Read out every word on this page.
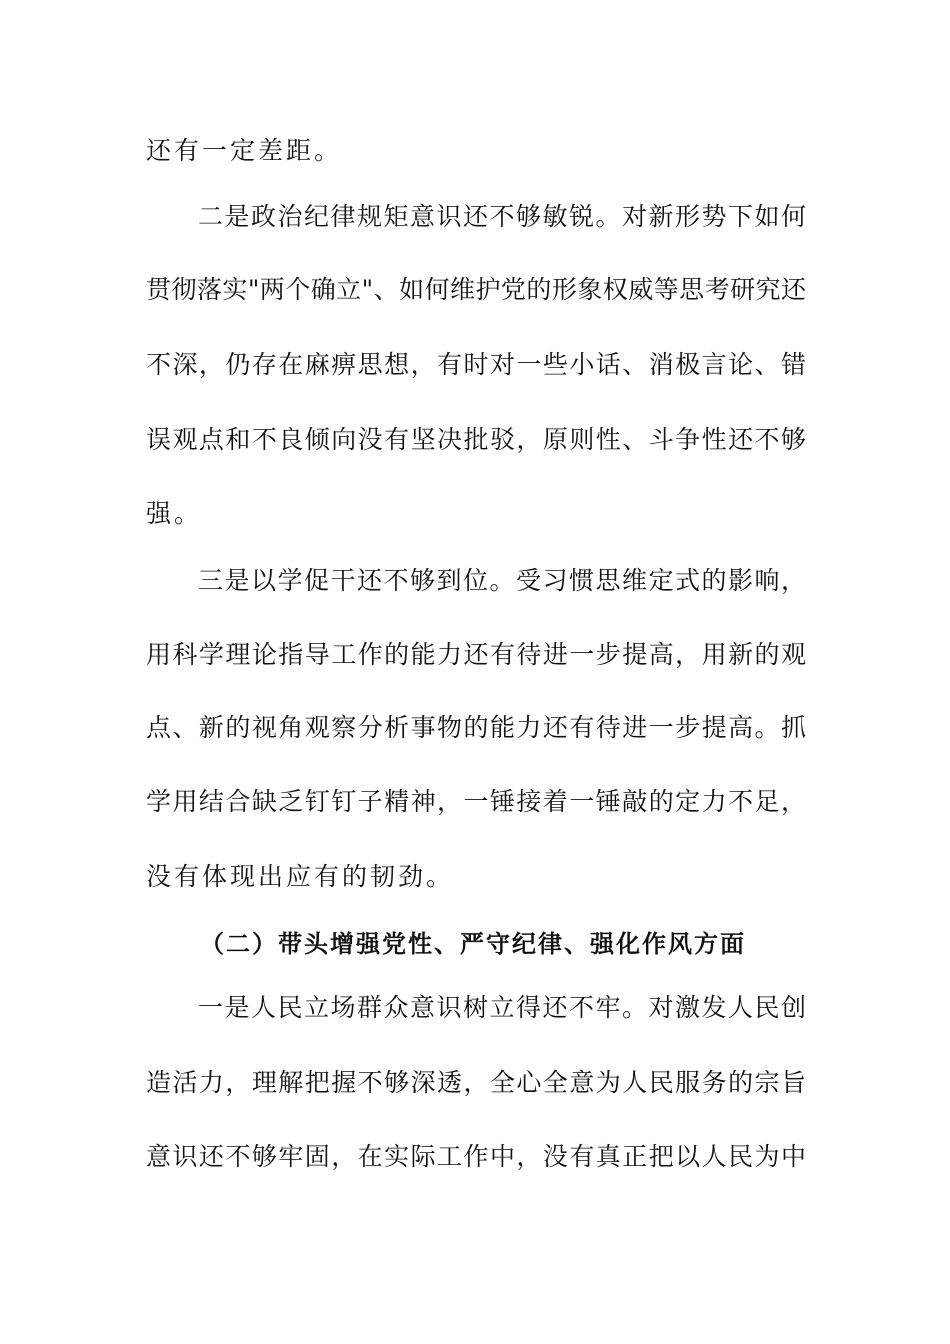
还有一定差距。
二是政治纪律规矩意识还不够敏锐。对新形势下如何
贯彻落实"两个确立"、如何维护党的形象权威等思考研究还
不深，仍存在麻痹思想，有时对一些小话、消极言论、错
误观点和不良倾向没有坚决批驳，原则性、斗争性还不够
强。
三是以学促干还不够到位。受习惯思维定式的影响，
用科学理论指导工作的能力还有待进一步提高，用新的观
点、新的视角观察分析事物的能力还有待进一步提高。抓
学用结合缺乏钉钉子精神，一锤接着一锤敲的定力不足，
没有体现出应有的韧劲。
（二）带头增强党性、严守纪律、强化作风方面
一是人民立场群众意识树立得还不牢。对激发人民创
造活力，理解把握不够深透，全心全意为人民服务的宗旨
意识还不够牢固，在实际工作中，没有真正把以人民为中
